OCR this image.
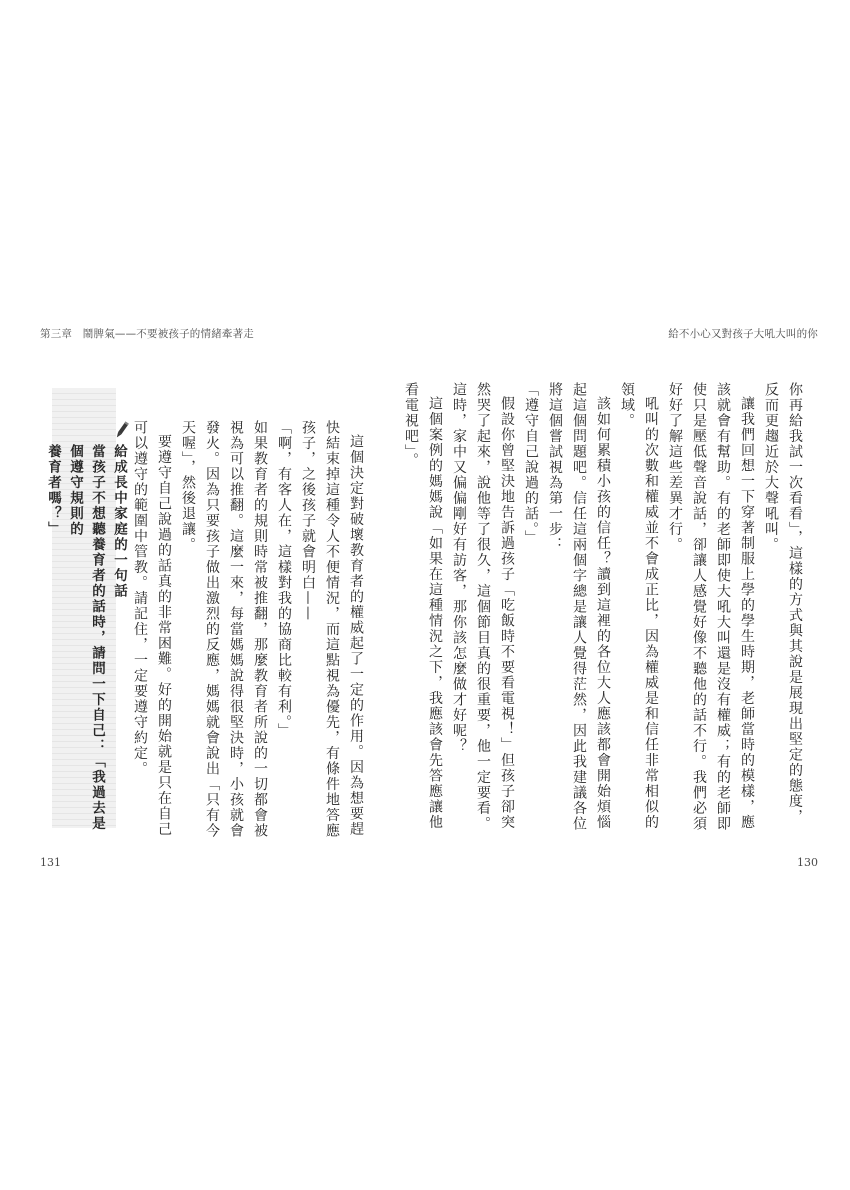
第三章　鬧脾氣——不要被孩子的情緒牽著走

給成長中家庭的一句話

當孩子不想聽養育者的話時，請問一下自己：「我過去是個遵守規則的

養育者嗎？」	這個決定對破壞教育者的權威起了一定的作用。因為想要趕快結束掉這種令人不便情況，而這點視為優先，有條件地答應孩子，之後孩子就會明白——

「啊，有客人在，這樣對我的協商比較有利。」

如果教育者的規則時常被推翻，那麼教育者所說的一切都會被視為可以推翻。這麼一來，每當媽媽說得很堅決時，小孩就會發火。因為只要孩子做出激烈的反應，媽媽就會說出「只有今天喔」，然後退讓。

要遵守自己說過的話真的非常困難。好的開始就是只在自己可以遵守的範圍中管教。請記住，一定要遵守約定。

131
給不小心又對孩子大吼大叫的你

你再給我試一次看看」，這樣的方式與其說是展現出堅定的態度，反而更趨近於大聲吼叫。

讓我們回想一下穿著制服上學的學生時期，老師當時的模樣，應該就會有幫助。有的老師即使大吼大叫還是沒有權威；有的老師即使只是壓低聲音說話，卻讓人感覺好像不聽他的話不行。我們必須好好了解這些差異才行。

吼叫的次數和權威並不會成正比，因為權威是和信任非常相似的領域。

該如何累積小孩的信任？讀到這裡的各位大人應該都會開始煩惱起這個問題吧。信任這兩個字總是讓人覺得茫然，因此我建議各位將這個嘗試視為第一步：

「遵守自己說過的話。」

假設你曾堅決地告訴過孩子「吃飯時不要看電視！」但孩子卻突然哭了起來，說他等了很久，這個節目真的很重要，他一定要看。這時，家中又偏偏剛好有訪客，那你該怎麼做才好呢？

這個案例的媽媽說「如果在這種情況之下，我應該會先答應讓他看電視吧」。

130
